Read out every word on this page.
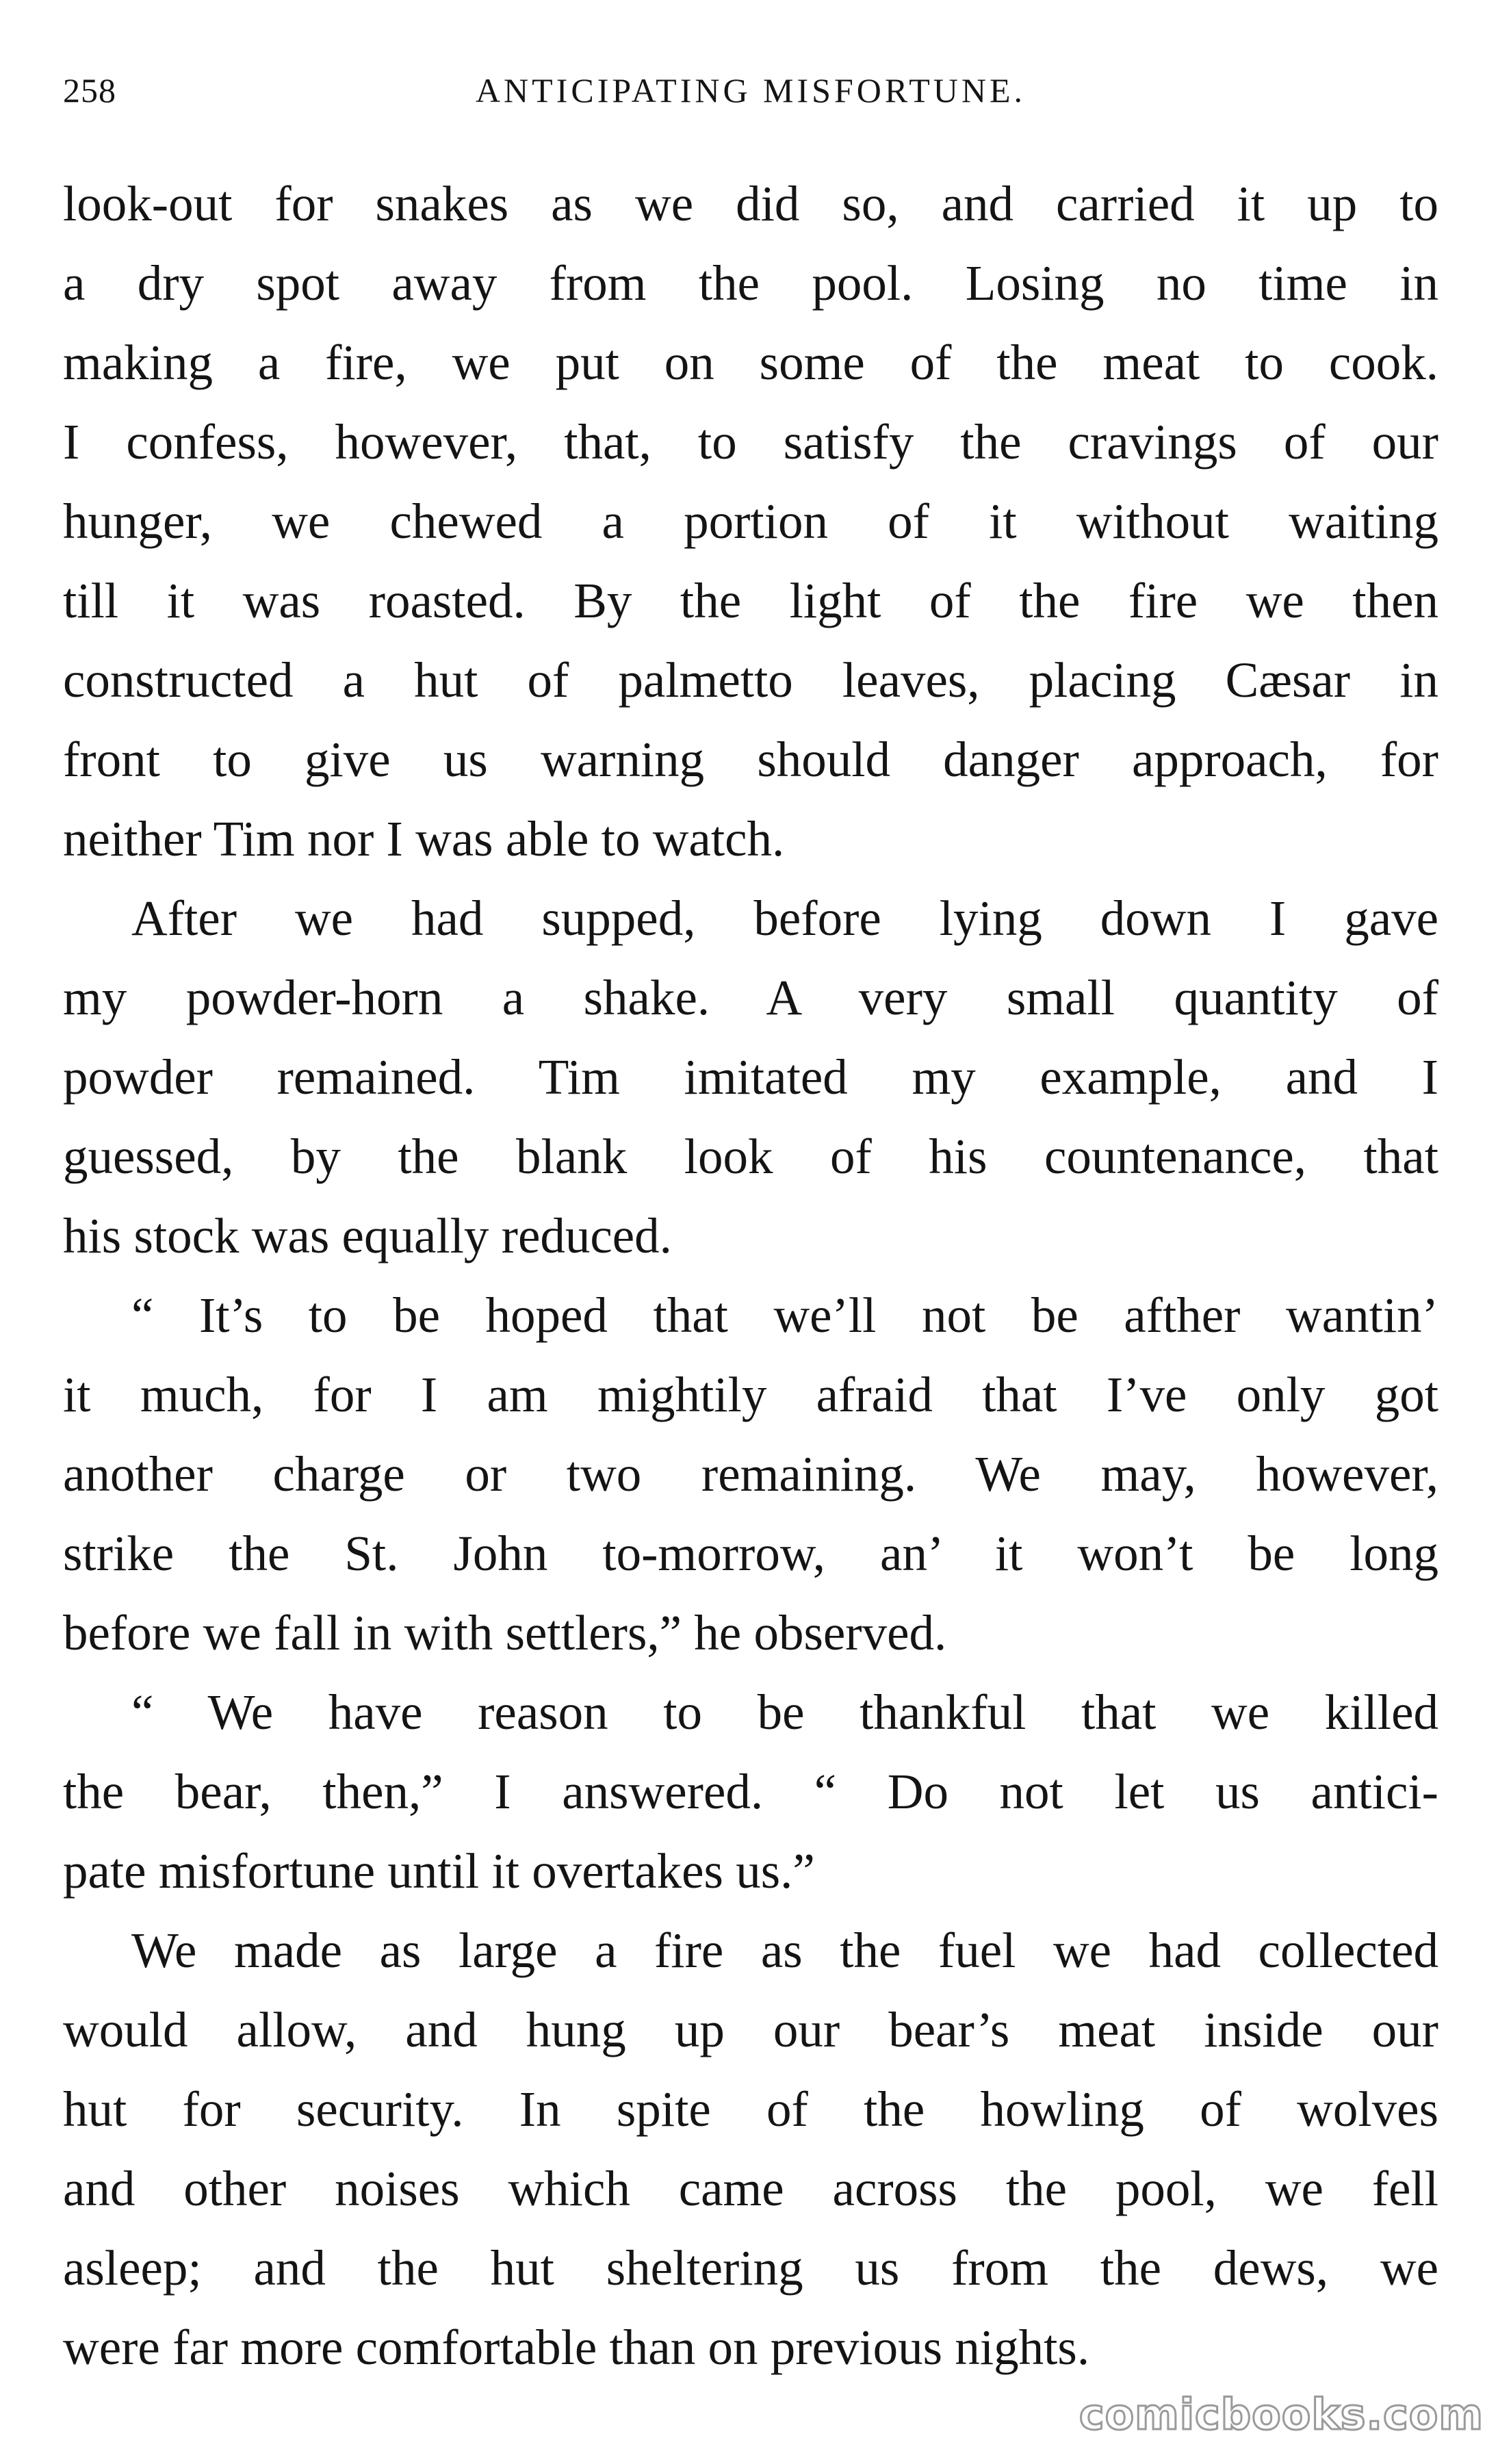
258	ANTICIPATING MISFORTUNE.
look-out for snakes as we did so, and carried it up to
a dry spot away from the pool. Losing no time in
making a fire, we put on some of the meat to cook.
I confess, however, that, to satisfy the cravings of our
hunger, we chewed a portion of it without waiting
till it was roasted. By the light of the fire we then
constructed a hut of palmetto leaves, placing Cæsar in
front to give us warning should danger approach, for
neither Tim nor I was able to watch.
After we had supped, before lying down I gave
my powder-horn a shake. A very small quantity of
powder remained. Tim imitated my example, and I
guessed, by the blank look of his countenance, that
his stock was equally reduced.
“ It’s to be hoped that we’ll not be afther wantin’
it much, for I am mightily afraid that I’ve only got
another charge or two remaining. We may, however,
strike the St. John to-morrow, an’ it won’t be long
before we fall in with settlers,” he observed.
“ We have reason to be thankful that we killed
the bear, then,” I answered. “ Do not let us antici-
pate misfortune until it overtakes us.”
We made as large a fire as the fuel we had collected
would allow, and hung up our bear’s meat inside our
hut for security. In spite of the howling of wolves
and other noises which came across the pool, we fell
asleep; and the hut sheltering us from the dews, we
were far more comfortable than on previous nights.
comicbooks.com
